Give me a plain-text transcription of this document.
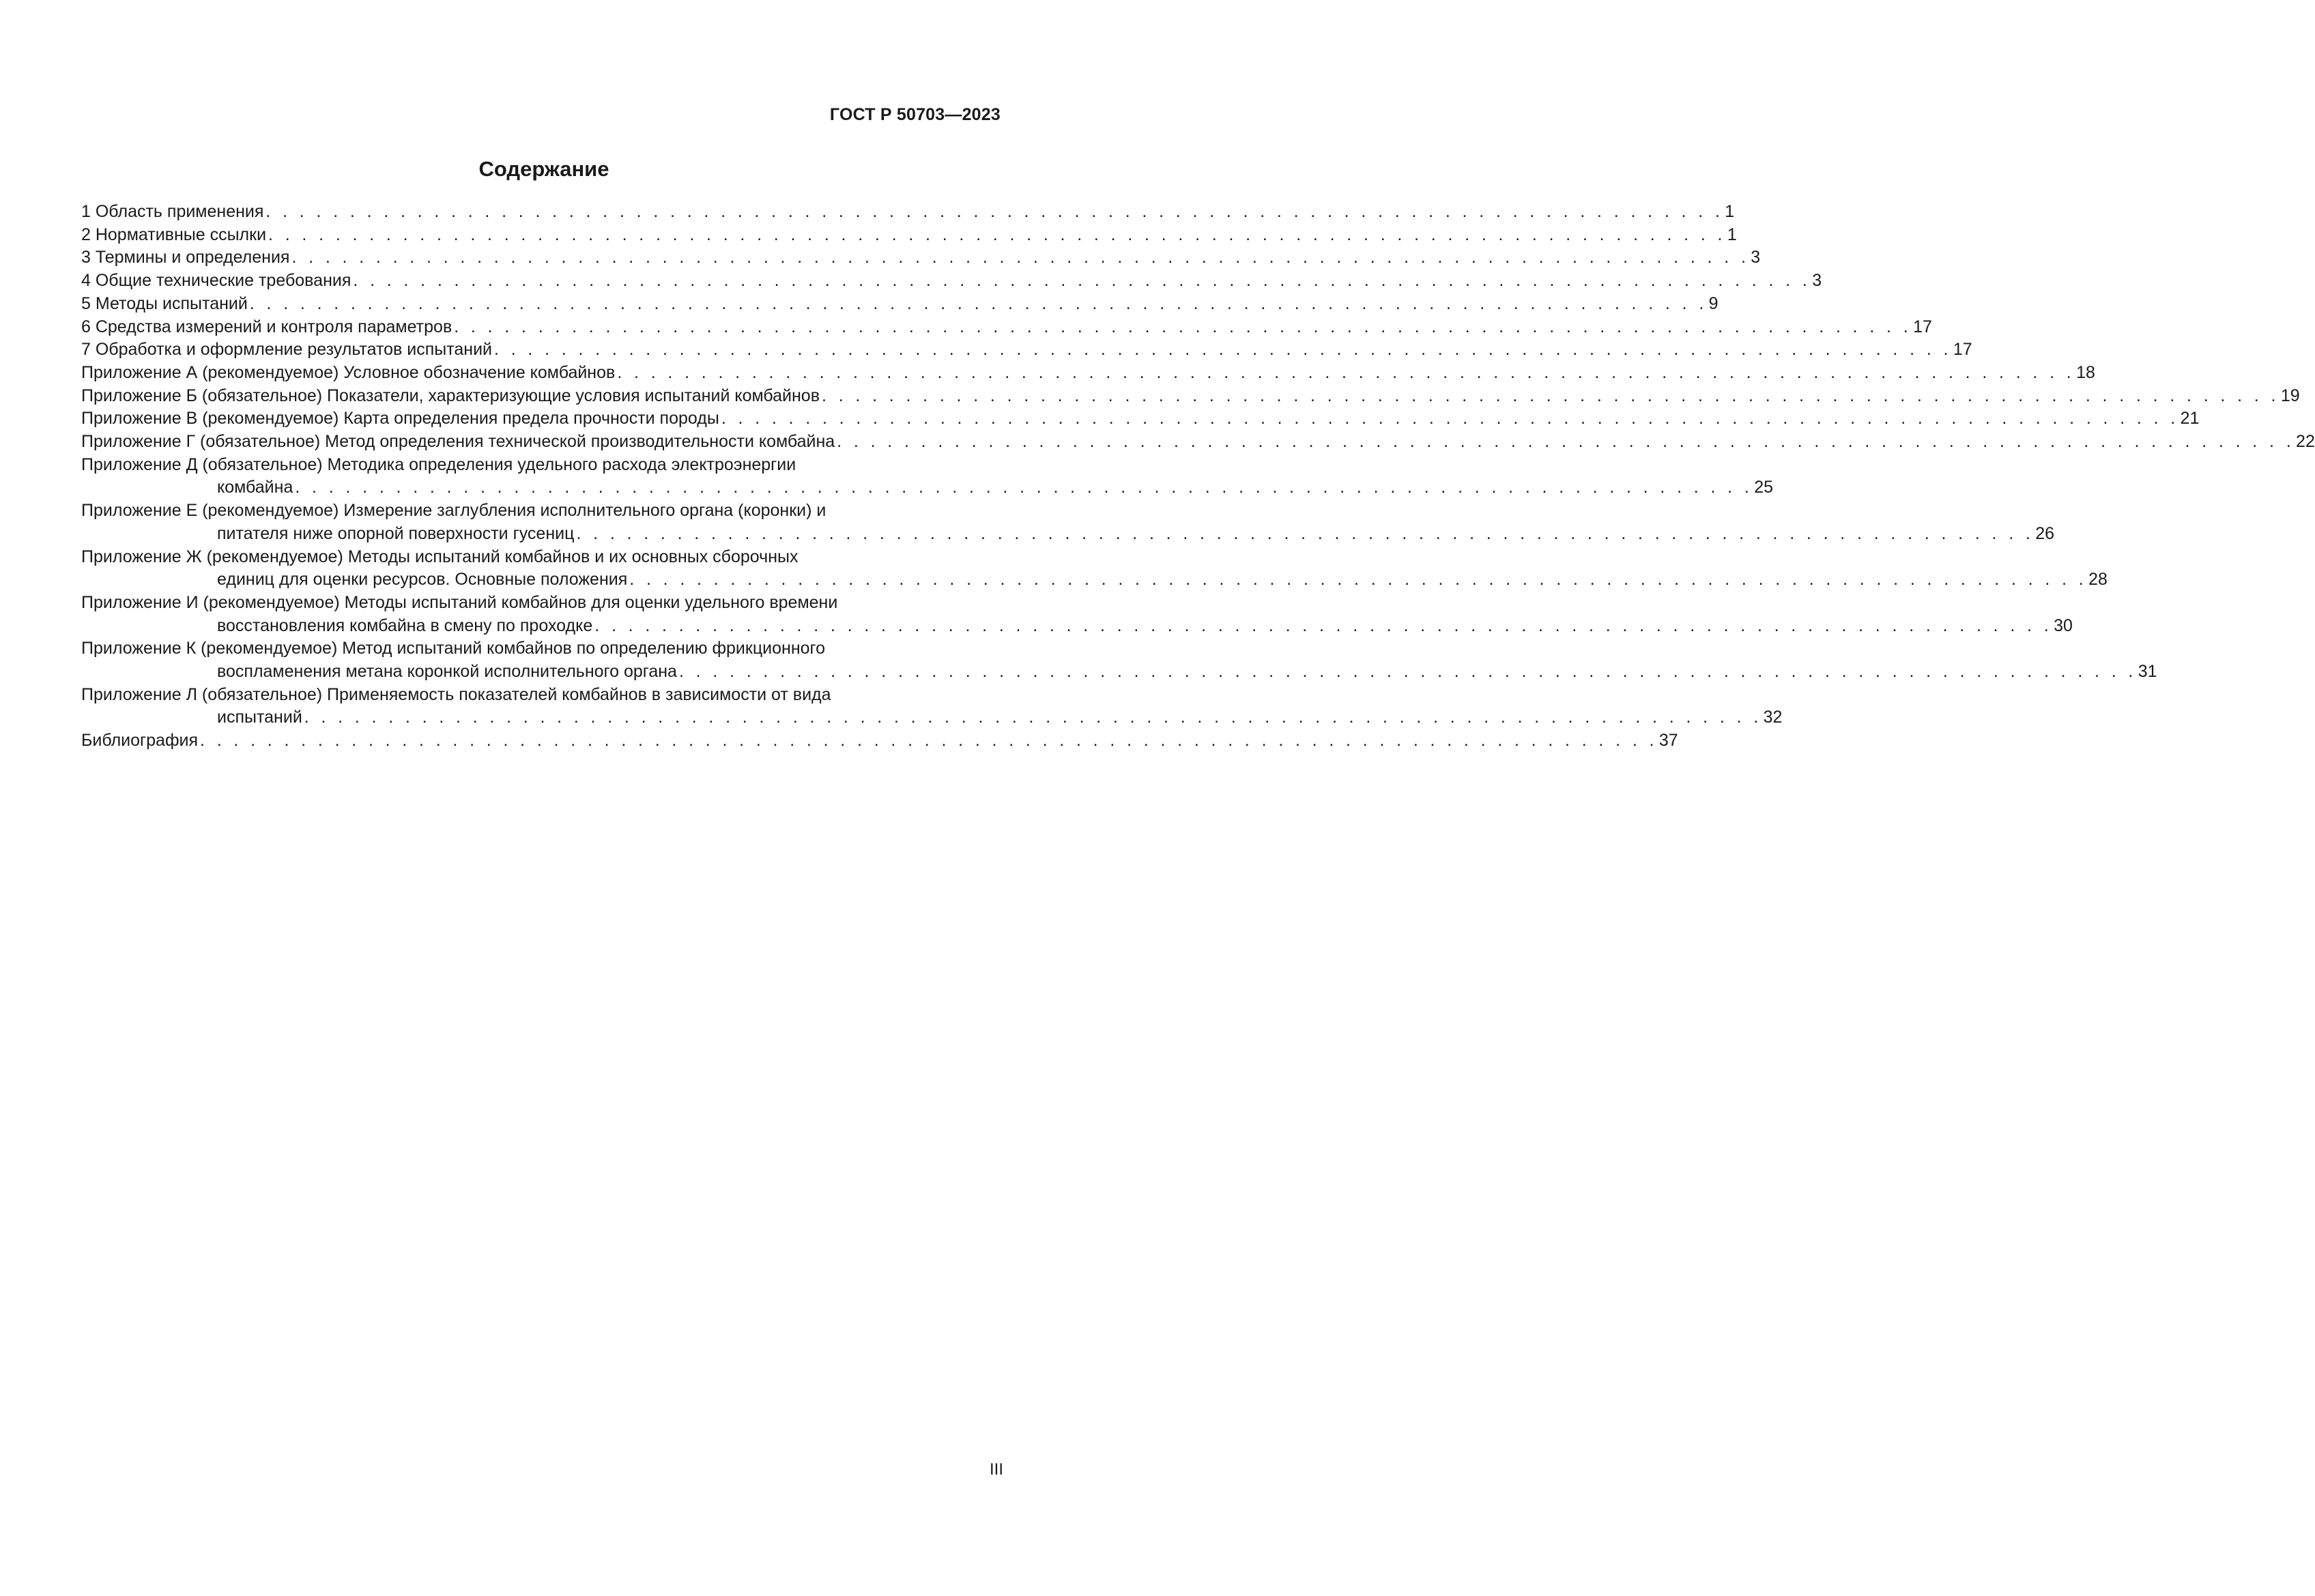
ГОСТ Р 50703—2023
Содержание
1 Область применения . . . . . . . . . . . . . . . . . . . . . . . . . . . . . . . . . . . . . . . . . . . . . . . . . . . . . . . . . . . . . . . . . . . . . . . . . . . . . . . . . . . . . . . 1
2 Нормативные ссылки . . . . . . . . . . . . . . . . . . . . . . . . . . . . . . . . . . . . . . . . . . . . . . . . . . . . . . . . . . . . . . . . . . . . . . . . . . . . . . . . . . . . . . . 1
3 Термины и определения . . . . . . . . . . . . . . . . . . . . . . . . . . . . . . . . . . . . . . . . . . . . . . . . . . . . . . . . . . . . . . . . . . . . . . . . . . . . . . . . . . . . . . . 3
4 Общие технические требования . . . . . . . . . . . . . . . . . . . . . . . . . . . . . . . . . . . . . . . . . . . . . . . . . . . . . . . . . . . . . . . . . . . . . . . . . . . . . . . . . . . . . . . 3
5 Методы испытаний . . . . . . . . . . . . . . . . . . . . . . . . . . . . . . . . . . . . . . . . . . . . . . . . . . . . . . . . . . . . . . . . . . . . . . . . . . . . . . . . . . . . . . . 9
6 Средства измерений и контроля параметров . . . . . . . . . . . . . . . . . . . . . . . . . . . . . . . . . . . . . . . . . . . . . . . . . . . . . . . . . . . . . . . . . . . . . . . . . . . . . . . . . . . . . . . 17
7 Обработка и оформление результатов испытаний . . . . . . . . . . . . . . . . . . . . . . . . . . . . . . . . . . . . . . . . . . . . . . . . . . . . . . . . . . . . . . . . . . . . . . . . . . . . . . . . . . . . . . . 17
Приложение А (рекомендуемое) Условное обозначение комбайнов . . . . . . . . . . . . . . . . . . . . . . . . . . . . . . . . . . . . . . . . . . . . . . . . . . . . . . . . . . . . . . . . . . . . . . . . . . . . . . . . . . . . . . . 18
Приложение Б (обязательное) Показатели, характеризующие условия испытаний комбайнов . . . . . . . . . . . . . . . . . . . . . . . . . . . . . . . . . . . . . . . . . . . . . . . . . . . . . . . . . . . . . . . . . . . . . . . . . . . . . . . . . . . . . . . 19
Приложение В (рекомендуемое) Карта определения предела прочности породы . . . . . . . . . . . . . . . . . . . . . . . . . . . . . . . . . . . . . . . . . . . . . . . . . . . . . . . . . . . . . . . . . . . . . . . . . . . . . . . . . . . . . . . 21
Приложение Г (обязательное) Метод определения технической производительности комбайна . . . . . . . . . . . . . . . . . . . . . . . . . . . . . . . . . . . . . . . . . . . . . . . . . . . . . . . . . . . . . . . . . . . . . . . . . . . . . . . . . . . . . . . 22
Приложение Д (обязательное) Методика определения удельного расхода электроэнергии
комбайна . . . . . . . . . . . . . . . . . . . . . . . . . . . . . . . . . . . . . . . . . . . . . . . . . . . . . . . . . . . . . . . . . . . . . . . . . . . . . . . . . . . . . . . 25
Приложение Е (рекомендуемое) Измерение заглубления исполнительного органа (коронки) и
питателя ниже опорной поверхности гусениц . . . . . . . . . . . . . . . . . . . . . . . . . . . . . . . . . . . . . . . . . . . . . . . . . . . . . . . . . . . . . . . . . . . . . . . . . . . . . . . . . . . . . . . 26
Приложение Ж (рекомендуемое) Методы испытаний комбайнов и их основных сборочных
единиц для оценки ресурсов. Основные положения . . . . . . . . . . . . . . . . . . . . . . . . . . . . . . . . . . . . . . . . . . . . . . . . . . . . . . . . . . . . . . . . . . . . . . . . . . . . . . . . . . . . . . . 28
Приложение И (рекомендуемое) Методы испытаний комбайнов для оценки удельного времени
восстановления комбайна в смену по проходке . . . . . . . . . . . . . . . . . . . . . . . . . . . . . . . . . . . . . . . . . . . . . . . . . . . . . . . . . . . . . . . . . . . . . . . . . . . . . . . . . . . . . . . 30
Приложение К (рекомендуемое) Метод испытаний комбайнов по определению фрикционного
воспламенения метана коронкой исполнительного органа . . . . . . . . . . . . . . . . . . . . . . . . . . . . . . . . . . . . . . . . . . . . . . . . . . . . . . . . . . . . . . . . . . . . . . . . . . . . . . . . . . . . . . . 31
Приложение Л (обязательное) Применяемость показателей комбайнов в зависимости от вида
испытаний . . . . . . . . . . . . . . . . . . . . . . . . . . . . . . . . . . . . . . . . . . . . . . . . . . . . . . . . . . . . . . . . . . . . . . . . . . . . . . . . . . . . . . . 32
Библиография . . . . . . . . . . . . . . . . . . . . . . . . . . . . . . . . . . . . . . . . . . . . . . . . . . . . . . . . . . . . . . . . . . . . . . . . . . . . . . . . . . . . . . . 37
III
